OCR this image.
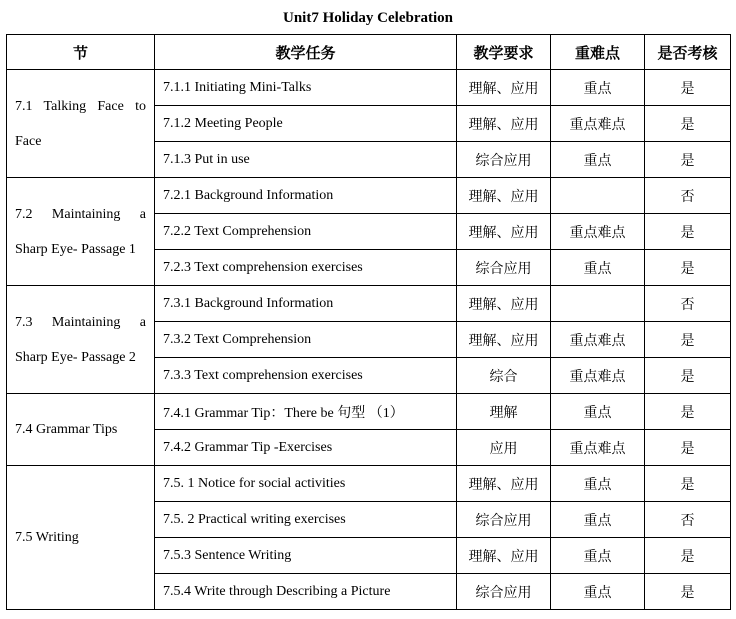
Unit7 Holiday Celebration
节	教学任务	教学要求	重难点	是否考核

7.1 Talking Face to Face	7.1.1 Initiating Mini-Talks	理解、应用	重点	是
	7.1.2 Meeting People	理解、应用	重点难点	是
	7.1.3 Put in use	综合应用	重点	是

7.2 Maintaining a Sharp Eye- Passage 1	7.2.1 Background Information	理解、应用		否
	7.2.2 Text Comprehension	理解、应用	重点难点	是
	7.2.3 Text comprehension exercises	综合应用	重点	是

7.3 Maintaining a Sharp Eye- Passage 2	7.3.1 Background Information	理解、应用		否
	7.3.2 Text Comprehension	理解、应用	重点难点	是
	7.3.3 Text comprehension exercises	综合	重点难点	是

7.4 Grammar Tips	7.4.1 Grammar Tip：There be 句型 （1）	理解	重点	是
	7.4.2 Grammar Tip -Exercises	应用	重点难点	是

7.5 Writing	7.5. 1 Notice for social activities	理解、应用	重点	是
	7.5. 2 Practical writing exercises	综合应用	重点	否
	7.5.3 Sentence Writing	理解、应用	重点	是
	7.5.4 Write through Describing a Picture	综合应用	重点	是
